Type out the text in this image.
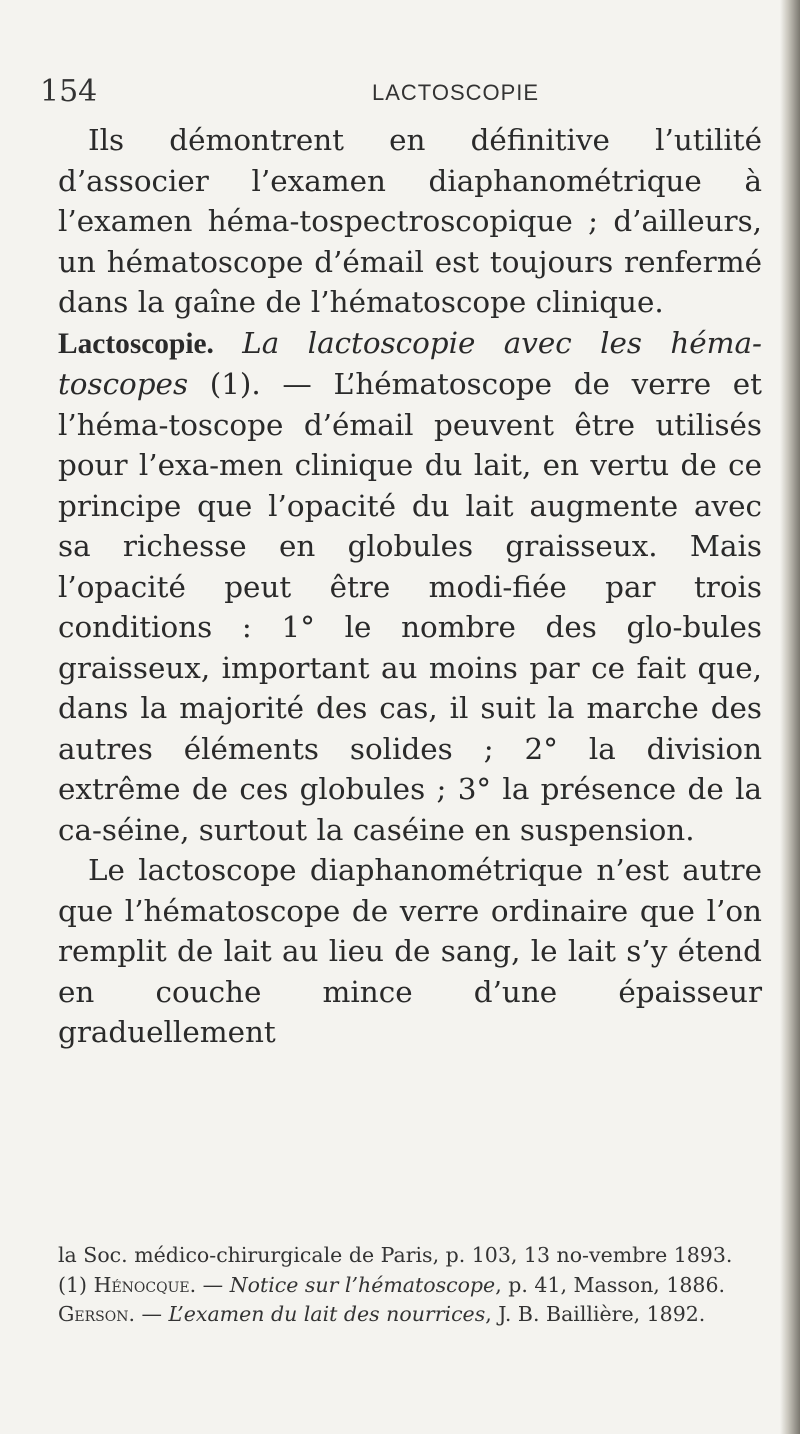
154	LACTOSCOPIE

Ils démontrent en définitive l’utilité d’associer l’examen diaphanométrique à l’examen héma-tospectroscopique ; d’ailleurs, un hématoscope d’émail est toujours renfermé dans la gaîne de l’hématoscope clinique.

Lactoscopie. La lactoscopie avec les héma-toscopes (1). — L’hématoscope de verre et l’héma-toscope d’émail peuvent être utilisés pour l’exa-men clinique du lait, en vertu de ce principe que l’opacité du lait augmente avec sa richesse en globules graisseux. Mais l’opacité peut être modi-fiée par trois conditions : 1° le nombre des glo-bules graisseux, important au moins par ce fait que, dans la majorité des cas, il suit la marche des autres éléments solides ; 2° la division extrême de ces globules ; 3° la présence de la ca-séine, surtout la caséine en suspension.

Le lactoscope diaphanométrique n’est autre que l’hématoscope de verre ordinaire que l’on remplit de lait au lieu de sang, le lait s’y étend en couche mince d’une épaisseur graduellement

la Soc. médico-chirurgicale de Paris, p. 103, 13 no-vembre 1893.

(1) Hénocque. — Notice sur l’hématoscope, p. 41, Masson, 1886.

Gerson. — L’examen du lait des nourrices, J. B. Baillière, 1892.
